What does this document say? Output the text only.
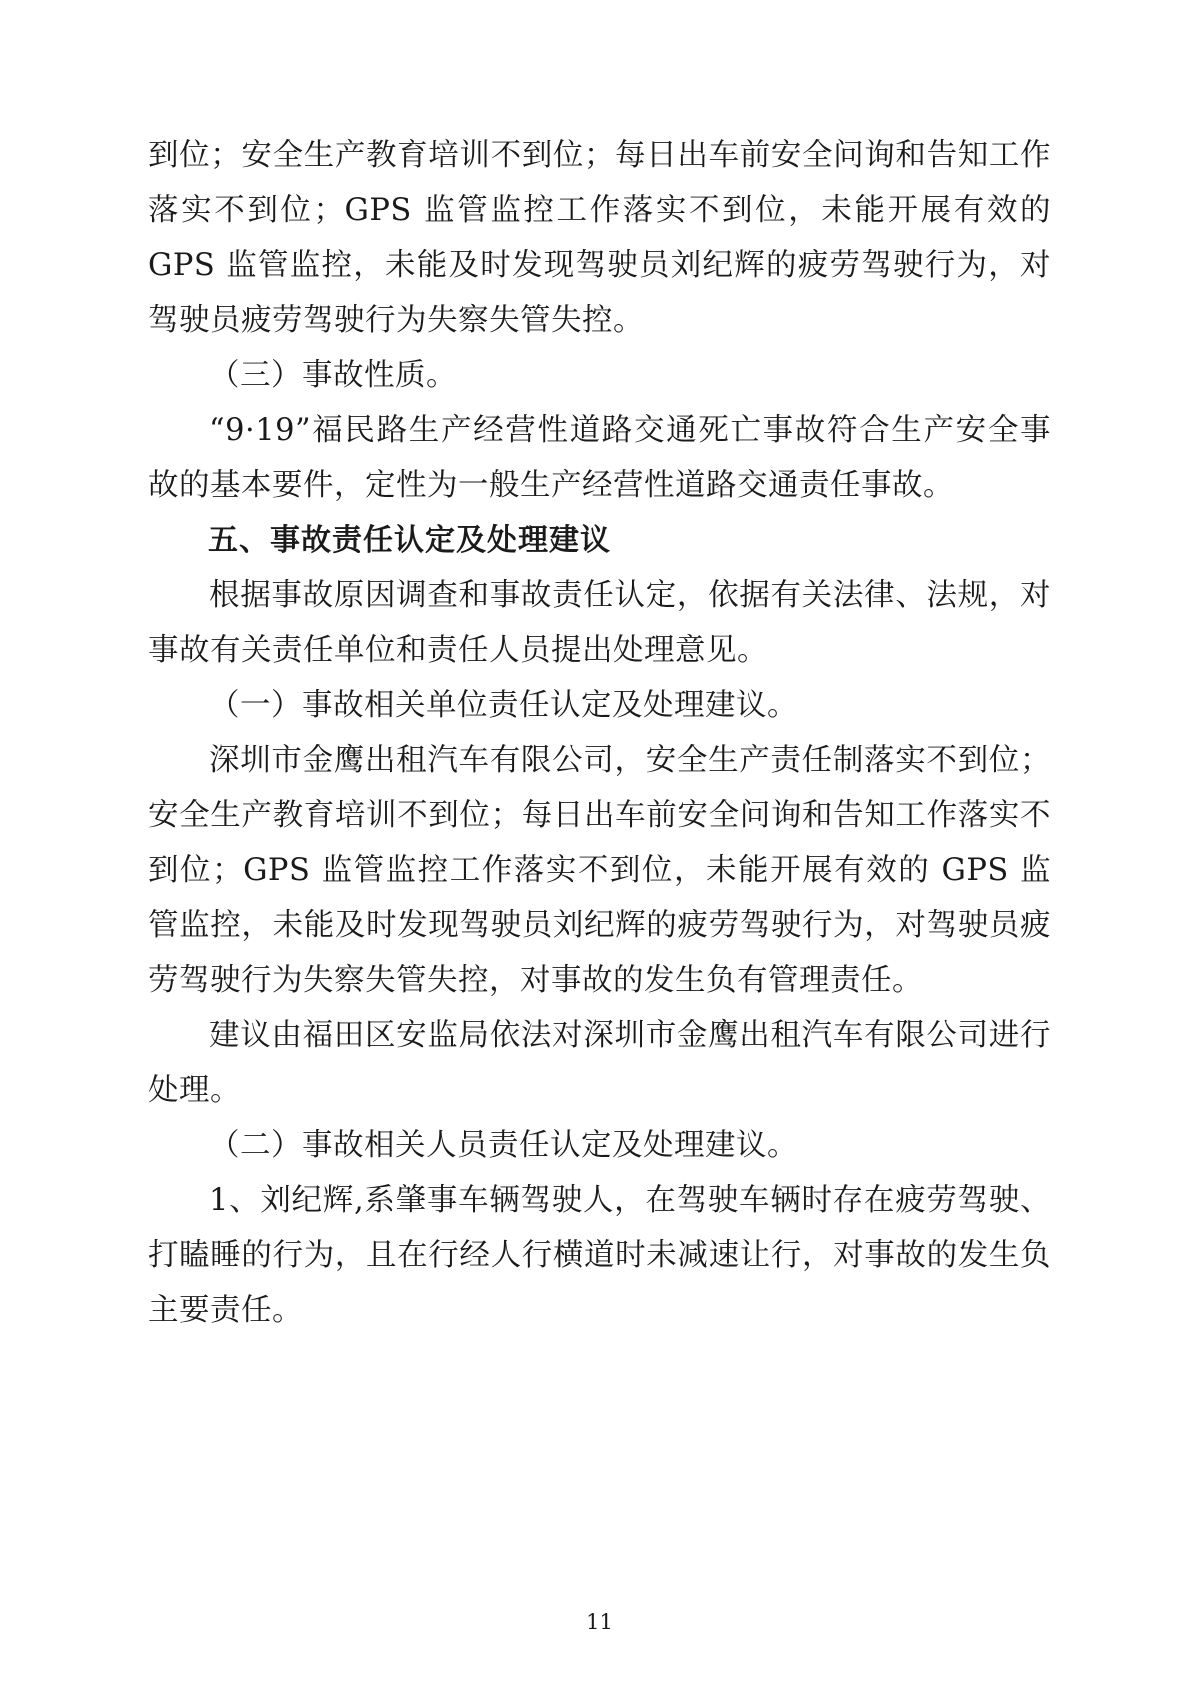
到位；安全生产教育培训不到位；每日出车前安全问询和告知工作落实不到位；GPS 监管监控工作落实不到位，未能开展有效的 GPS 监管监控，未能及时发现驾驶员刘纪辉的疲劳驾驶行为，对驾驶员疲劳驾驶行为失察失管失控。

（三）事故性质。

“9·19”福民路生产经营性道路交通死亡事故符合生产安全事故的基本要件，定性为一般生产经营性道路交通责任事故。

五、事故责任认定及处理建议

根据事故原因调查和事故责任认定，依据有关法律、法规，对事故有关责任单位和责任人员提出处理意见。

（一）事故相关单位责任认定及处理建议。

深圳市金鹰出租汽车有限公司，安全生产责任制落实不到位；安全生产教育培训不到位；每日出车前安全问询和告知工作落实不到位；GPS 监管监控工作落实不到位，未能开展有效的 GPS 监管监控，未能及时发现驾驶员刘纪辉的疲劳驾驶行为，对驾驶员疲劳驾驶行为失察失管失控，对事故的发生负有管理责任。

建议由福田区安监局依法对深圳市金鹰出租汽车有限公司进行处理。

（二）事故相关人员责任认定及处理建议。

1、刘纪辉,系肇事车辆驾驶人，在驾驶车辆时存在疲劳驾驶、打瞌睡的行为，且在行经人行横道时未减速让行，对事故的发生负主要责任。

11
